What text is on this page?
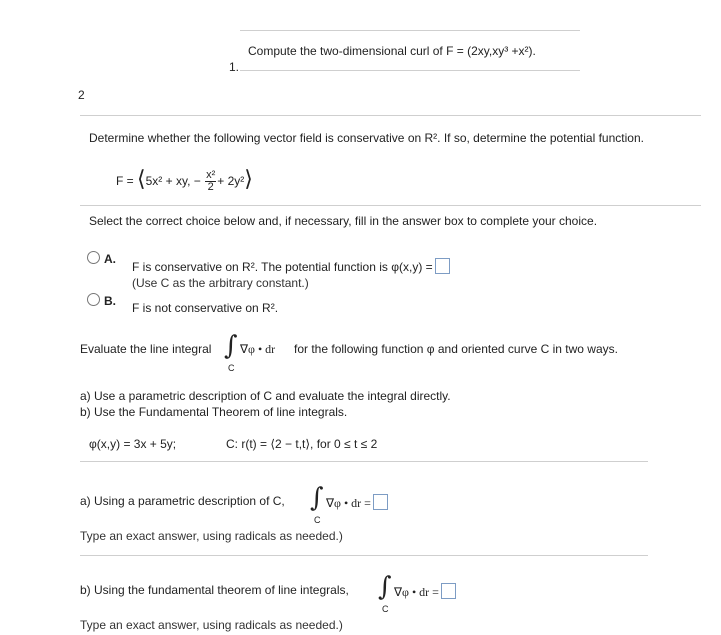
Compute the two-dimensional curl of F = (2xy,xy³ +x²).
1.
2
Determine whether the following vector field is conservative on R². If so, determine the potential function.
F = ⟨5x² + xy, − $\frac{\text{x²}}{2}$ + 2y²⟩
Select the correct choice below and, if necessary, fill in the answer box to complete your choice.
A.
F is conservative on R². The potential function is φ(x,y) =
(Use C as the arbitrary constant.)
B. F is not conservative on R².
Evaluate the line integral ∫
C
∇φ • dr for the following function φ and oriented curve C in two ways.
a) Use a parametric description of C and evaluate the integral directly.
b) Use the Fundamental Theorem of line integrals.
φ(x,y) = 3x + 5y;	C: r(t) = ⟨2 − t,t⟩, for 0 ≤ t ≤ 2
a) Using a parametric description of C, ∫
C
∇φ • dr =
Type an exact answer, using radicals as needed.)
b) Using the fundamental theorem of line integrals, ∫
C
∇φ • dr =
Type an exact answer, using radicals as needed.)
